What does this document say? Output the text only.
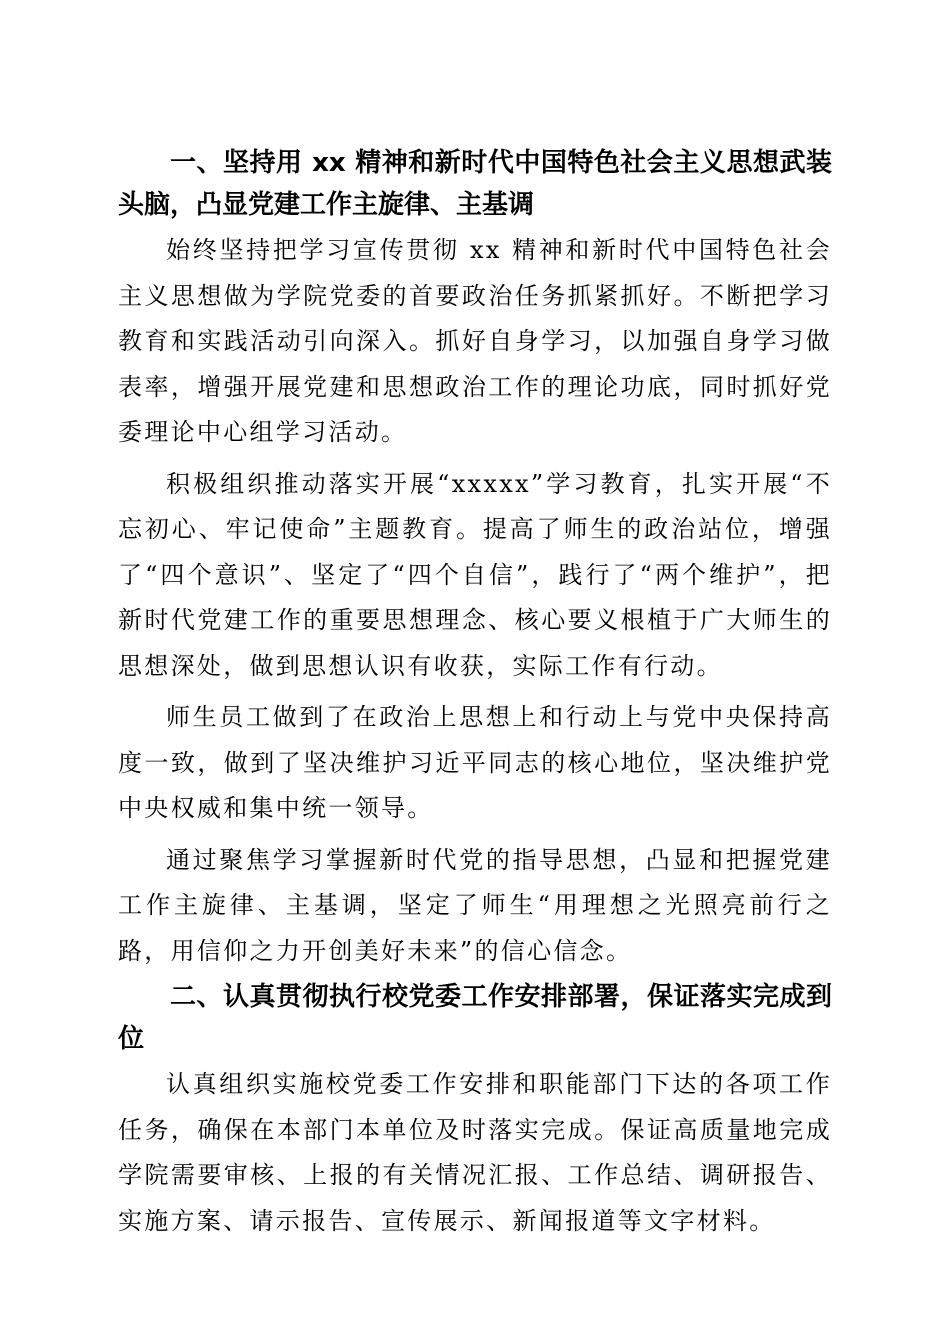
一、坚持用 xx 精神和新时代中国特色社会主义思想武装头脑，凸显党建工作主旋律、主基调

始终坚持把学习宣传贯彻 xx 精神和新时代中国特色社会主义思想做为学院党委的首要政治任务抓紧抓好。不断把学习教育和实践活动引向深入。抓好自身学习，以加强自身学习做表率，增强开展党建和思想政治工作的理论功底，同时抓好党委理论中心组学习活动。

积极组织推动落实开展“xxxxx”学习教育，扎实开展“不忘初心、牢记使命”主题教育。提高了师生的政治站位，增强了“四个意识”、坚定了“四个自信”，践行了“两个维护”，把新时代党建工作的重要思想理念、核心要义根植于广大师生的思想深处，做到思想认识有收获，实际工作有行动。

师生员工做到了在政治上思想上和行动上与党中央保持高度一致，做到了坚决维护习近平同志的核心地位，坚决维护党中央权威和集中统一领导。

通过聚焦学习掌握新时代党的指导思想，凸显和把握党建工作主旋律、主基调，坚定了师生“用理想之光照亮前行之路，用信仰之力开创美好未来”的信心信念。

二、认真贯彻执行校党委工作安排部署，保证落实完成到位

认真组织实施校党委工作安排和职能部门下达的各项工作任务，确保在本部门本单位及时落实完成。保证高质量地完成学院需要审核、上报的有关情况汇报、工作总结、调研报告、实施方案、请示报告、宣传展示、新闻报道等文字材料。
